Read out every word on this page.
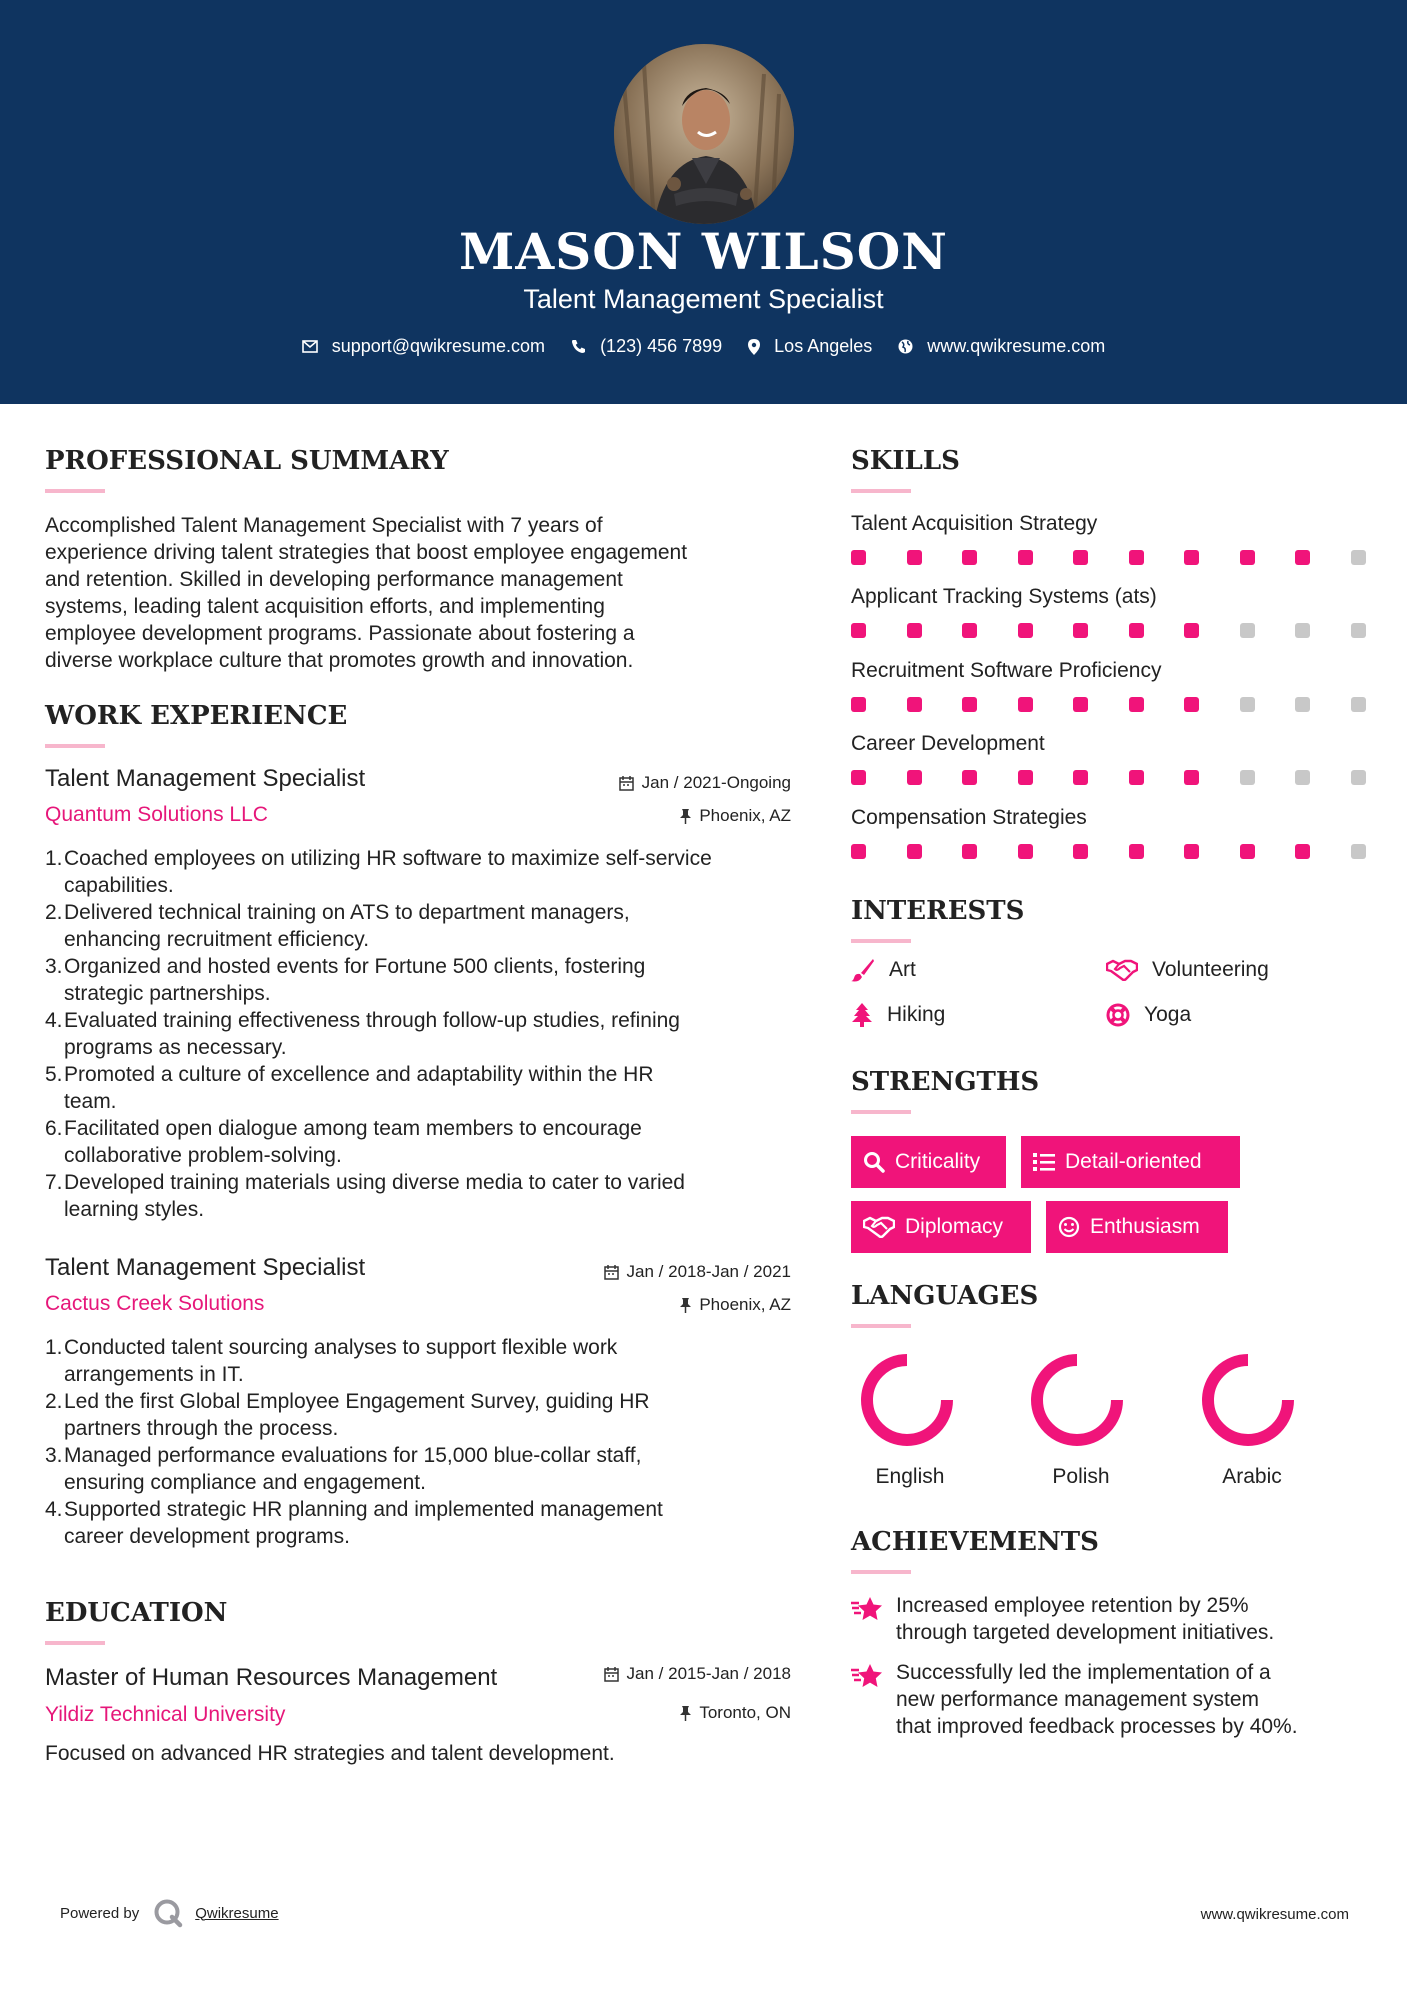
MASON WILSON
Talent Management Specialist
support@qwikresume.com	(123) 456 7899	Los Angeles	www.qwikresume.com
PROFESSIONAL SUMMARY
Accomplished Talent Management Specialist with 7 years of
experience driving talent strategies that boost employee engagement
and retention. Skilled in developing performance management
systems, leading talent acquisition efforts, and implementing
employee development programs. Passionate about fostering a
diverse workplace culture that promotes growth and innovation.
WORK EXPERIENCE
Talent Management Specialist	Jan / 2021-Ongoing
Quantum Solutions LLC	Phoenix, AZ
1. Coached employees on utilizing HR software to maximize self-service
capabilities.
2. Delivered technical training on ATS to department managers,
enhancing recruitment efficiency.
3. Organized and hosted events for Fortune 500 clients, fostering
strategic partnerships.
4. Evaluated training effectiveness through follow-up studies, refining
programs as necessary.
5. Promoted a culture of excellence and adaptability within the HR
team.
6. Facilitated open dialogue among team members to encourage
collaborative problem-solving.
7. Developed training materials using diverse media to cater to varied
learning styles.
Talent Management Specialist	Jan / 2018-Jan / 2021
Cactus Creek Solutions	Phoenix, AZ
1. Conducted talent sourcing analyses to support flexible work
arrangements in IT.
2. Led the first Global Employee Engagement Survey, guiding HR
partners through the process.
3. Managed performance evaluations for 15,000 blue-collar staff,
ensuring compliance and engagement.
4. Supported strategic HR planning and implemented management
career development programs.
EDUCATION
Master of Human Resources Management	Jan / 2015-Jan / 2018
Yildiz Technical University	Toronto, ON
Focused on advanced HR strategies and talent development.
SKILLS
Talent Acquisition Strategy
Applicant Tracking Systems (ats)
Recruitment Software Proficiency
Career Development
Compensation Strategies
INTERESTS
Art	Volunteering
Hiking	Yoga
STRENGTHS
Criticality	Detail-oriented
Diplomacy	Enthusiasm
LANGUAGES
English	Polish	Arabic
ACHIEVEMENTS
Increased employee retention by 25%
through targeted development initiatives.
Successfully led the implementation of a
new performance management system
that improved feedback processes by 40%.
Powered by	Qwikresume	www.qwikresume.com
